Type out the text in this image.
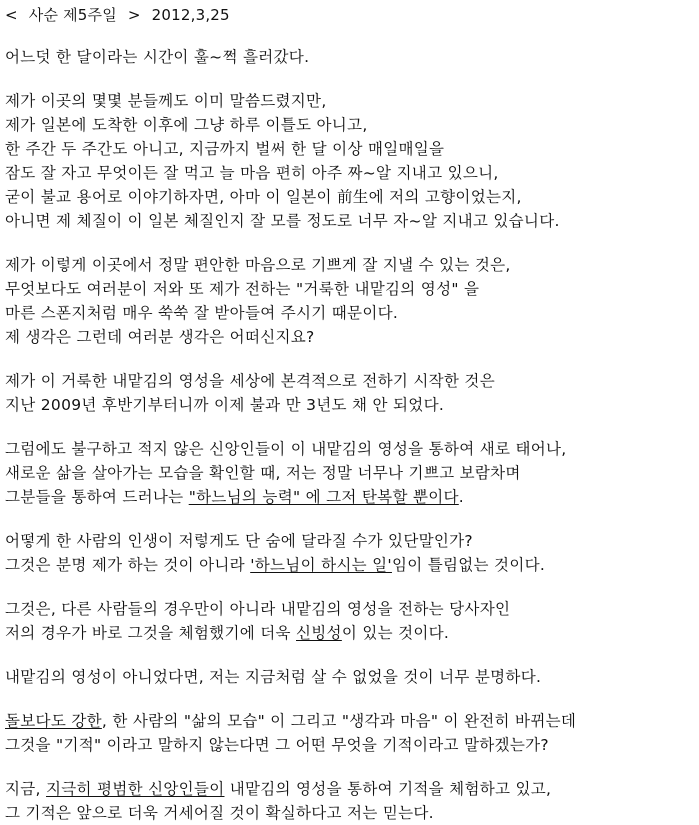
< 사순 제5주일 > 2012,3,25
어느덧 한 달이라는 시간이 훌~쩍 흘러갔다.
제가 이곳의 몇몇 분들께도 이미 말씀드렸지만,
제가 일본에 도착한 이후에 그냥 하루 이틀도 아니고,
한 주간 두 주간도 아니고, 지금까지 벌써 한 달 이상 매일매일을
잠도 잘 자고 무엇이든 잘 먹고 늘 마음 편히 아주 짜~알 지내고 있으니,
굳이 불교 용어로 이야기하자면, 아마 이 일본이 前生에 저의 고향이었는지,
아니면 제 체질이 이 일본 체질인지 잘 모를 정도로 너무 자~알 지내고 있습니다.
제가 이렇게 이곳에서 정말 편안한 마음으로 기쁘게 잘 지낼 수 있는 것은,
무엇보다도 여러분이 저와 또 제가 전하는 "거룩한 내맡김의 영성" 을
마른 스폰지처럼 매우 쑥쑥 잘 받아들여 주시기 때문이다.
제 생각은 그런데 여러분 생각은 어떠신지요?
제가 이 거룩한 내맡김의 영성을 세상에 본격적으로 전하기 시작한 것은
지난 2009년 후반기부터니까 이제 불과 만 3년도 채 안 되었다.
그럼에도 불구하고 적지 않은 신앙인들이 이 내맡김의 영성을 통하여 새로 태어나,
새로운 삶을 살아가는 모습을 확인할 때, 저는 정말 너무나 기쁘고 보람차며
그분들을 통하여 드러나는 "하느님의 능력" 에 그저 탄복할 뿐이다.
어떻게 한 사람의 인생이 저렇게도 단 숨에 달라질 수가 있단말인가?
그것은 분명 제가 하는 것이 아니라 '하느님이 하시는 일'임이 틀림없는 것이다.
그것은, 다른 사람들의 경우만이 아니라 내맡김의 영성을 전하는 당사자인
저의 경우가 바로 그것을 체험했기에 더욱 신빙성이 있는 것이다.
내맡김의 영성이 아니었다면, 저는 지금처럼 살 수 없었을 것이 너무 분명하다.
돌보다도 강한, 한 사람의 "삶의 모습" 이 그리고 "생각과 마음" 이 완전히 바뀌는데
그것을 "기적" 이라고 말하지 않는다면 그 어떤 무엇을 기적이라고 말하겠는가?
지금, 지극히 평범한 신앙인들이 내맡김의 영성을 통하여 기적을 체험하고 있고,
그 기적은 앞으로 더욱 거세어질 것이 확실하다고 저는 믿는다.
